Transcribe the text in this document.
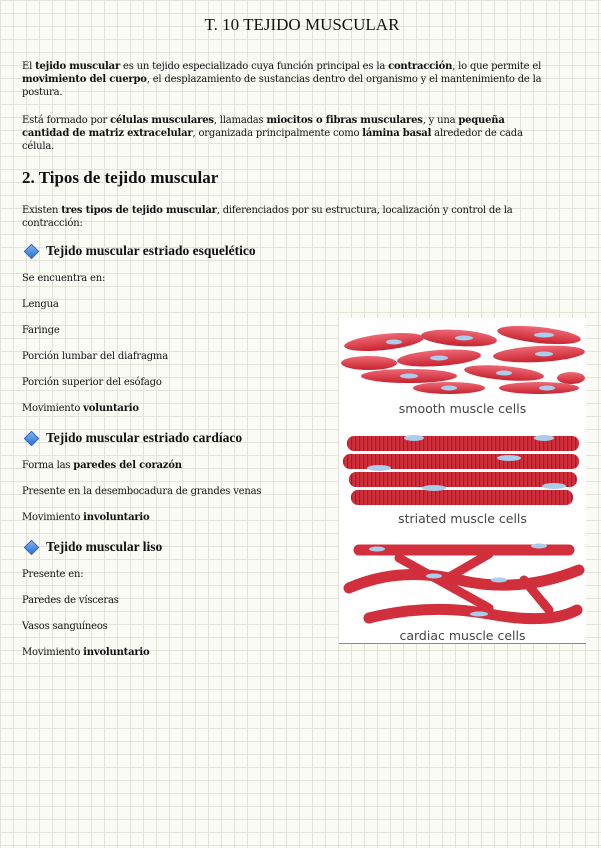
T. 10 TEJIDO MUSCULAR

El tejido muscular es un tejido especializado cuya función principal es la contracción, lo que permite el movimiento del cuerpo, el desplazamiento de sustancias dentro del organismo y el mantenimiento de la postura.

Está formado por células musculares, llamadas miocitos o fibras musculares, y una pequeña cantidad de matriz extracelular, organizada principalmente como lámina basal alrededor de cada célula.

2. Tipos de tejido muscular

Existen tres tipos de tejido muscular, diferenciados por su estructura, localización y control de la contracción:

Tejido muscular estriado esquelético
Se encuentra en:
Lengua
Faringe
Porción lumbar del diafragma
Porción superior del esófago
Movimiento voluntario
Tejido muscular estriado cardíaco
Forma las paredes del corazón
Presente en la desembocadura de grandes venas
Movimiento involuntario
Tejido muscular liso
Presente en:
Paredes de vísceras
Vasos sanguíneos
Movimiento involuntario
smooth muscle cells
striated muscle cells
cardiac muscle cells
